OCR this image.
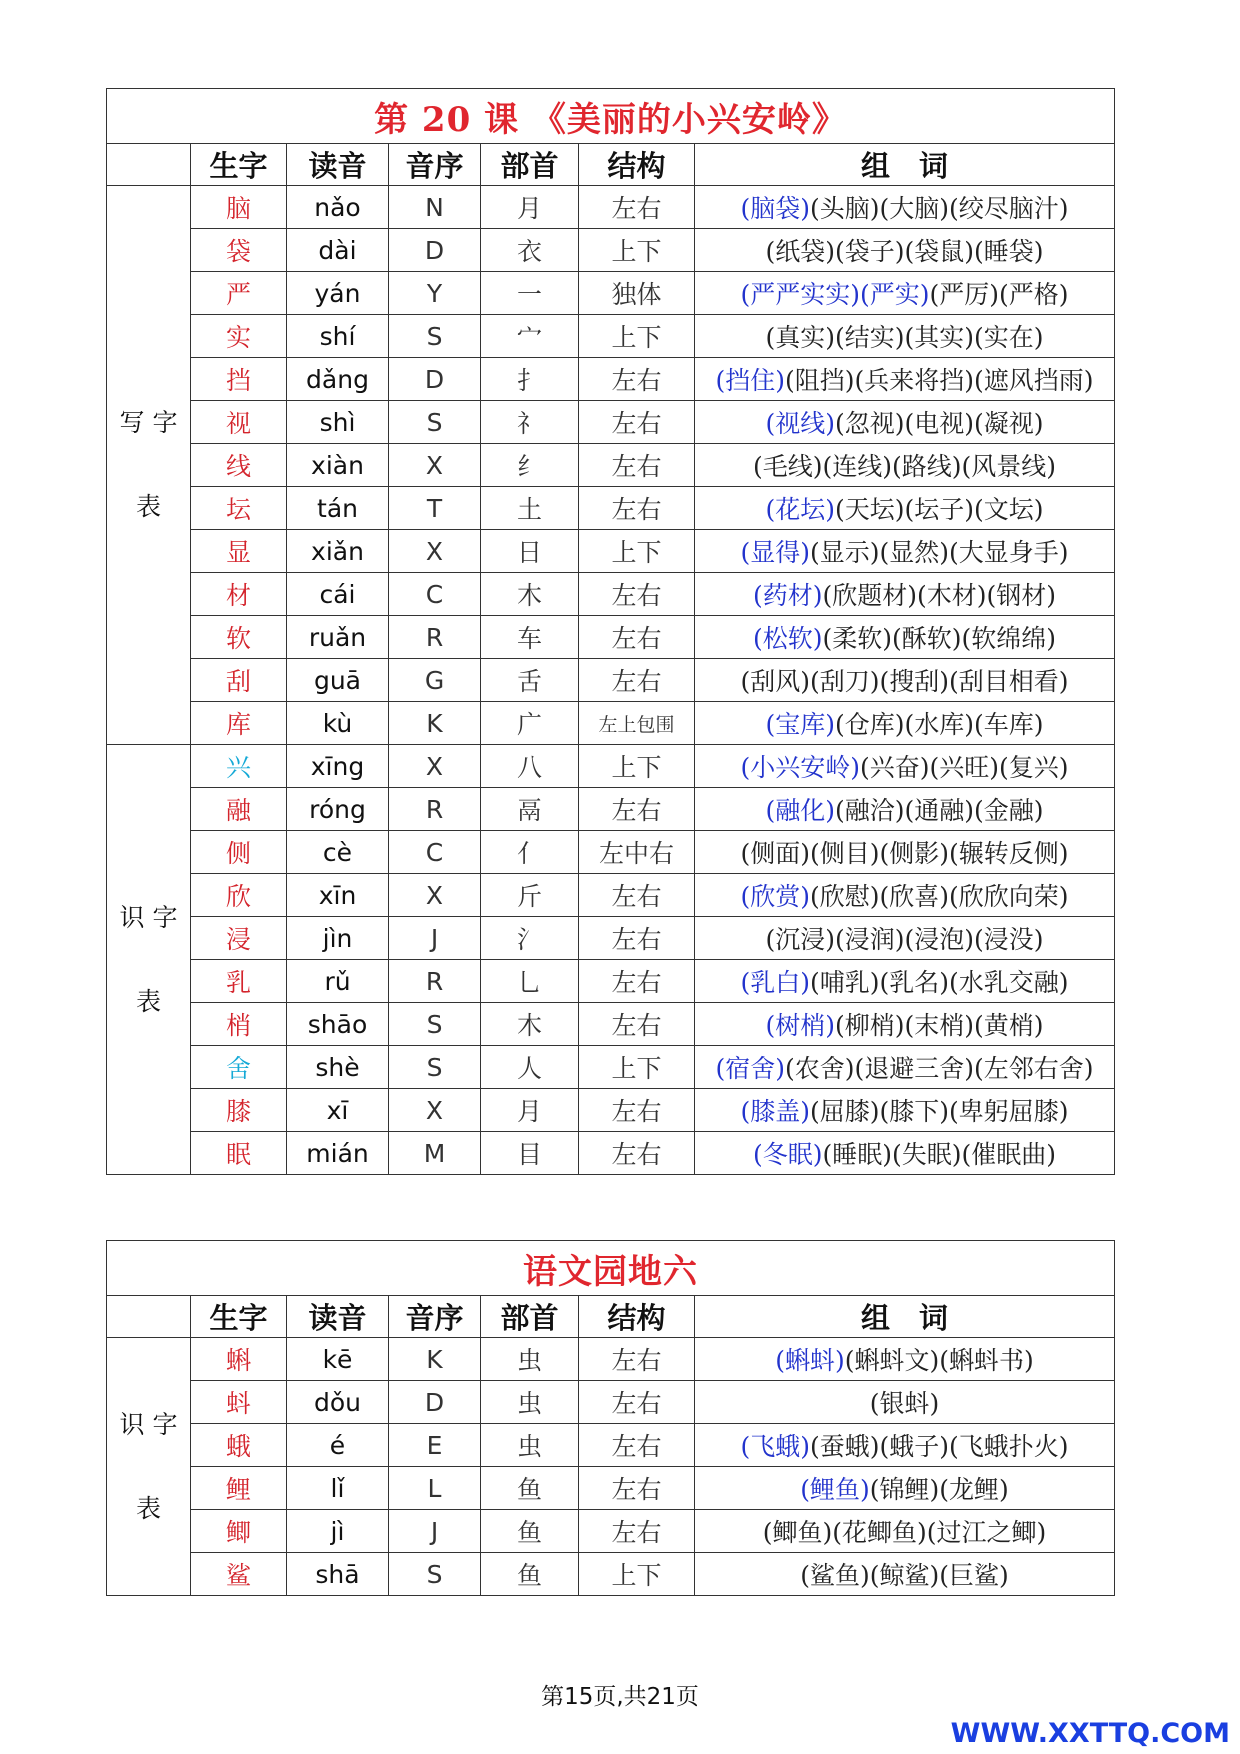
第 20 课 《美丽的小兴安岭》						
	生字	读音	音序	部首	结构	组　词
写 字 表	脑	nǎo	N	月	左右	(脑袋)(头脑)(大脑)(绞尽脑汁)
	袋	dài	D	衣	上下	(纸袋)(袋子)(袋鼠)(睡袋)
	严	yán	Y	一	独体	(严严实实)(严实)(严厉)(严格)
	实	shí	S	宀	上下	(真实)(结实)(其实)(实在)
	挡	dǎng	D	扌	左右	(挡住)(阻挡)(兵来将挡)(遮风挡雨)
	视	shì	S	礻	左右	(视线)(忽视)(电视)(凝视)
	线	xiàn	X	纟	左右	(毛线)(连线)(路线)(风景线)
	坛	tán	T	土	左右	(花坛)(天坛)(坛子)(文坛)
	显	xiǎn	X	日	上下	(显得)(显示)(显然)(大显身手)
	材	cái	C	木	左右	(药材)(欣题材)(木材)(钢材)
	软	ruǎn	R	车	左右	(松软)(柔软)(酥软)(软绵绵)
	刮	guā	G	舌	左右	(刮风)(刮刀)(搜刮)(刮目相看)
	库	kù	K	广	左上包围	(宝库)(仓库)(水库)(车库)
识 字 表	兴	xīng	X	八	上下	(小兴安岭)(兴奋)(兴旺)(复兴)
	融	róng	R	鬲	左右	(融化)(融洽)(通融)(金融)
	侧	cè	C	亻	左中右	(侧面)(侧目)(侧影)(辗转反侧)
	欣	xīn	X	斤	左右	(欣赏)(欣慰)(欣喜)(欣欣向荣)
	浸	jìn	J	氵	左右	(沉浸)(浸润)(浸泡)(浸没)
	乳	rǔ	R	乚	左右	(乳白)(哺乳)(乳名)(水乳交融)
	梢	shāo	S	木	左右	(树梢)(柳梢)(末梢)(黄梢)
	舍	shè	S	人	上下	(宿舍)(农舍)(退避三舍)(左邻右舍)
	膝	xī	X	月	左右	(膝盖)(屈膝)(膝下)(卑躬屈膝)
	眠	mián	M	目	左右	(冬眠)(睡眠)(失眠)(催眠曲)
语文园地六						
	生字	读音	音序	部首	结构	组　词
识 字 表	蝌	kē	K	虫	左右	(蝌蚪)(蝌蚪文)(蝌蚪书)
	蚪	dǒu	D	虫	左右	(银蚪)
	蛾	é	E	虫	左右	(飞蛾)(蚕蛾)(蛾子)(飞蛾扑火)
	鲤	lǐ	L	鱼	左右	(鲤鱼)(锦鲤)(龙鲤)
	鲫	jì	J	鱼	左右	(鲫鱼)(花鲫鱼)(过江之鲫)
	鲨	shā	S	鱼	上下	(鲨鱼)(鲸鲨)(巨鲨)
第15页,共21页
WWW.XXTTQ.COM
